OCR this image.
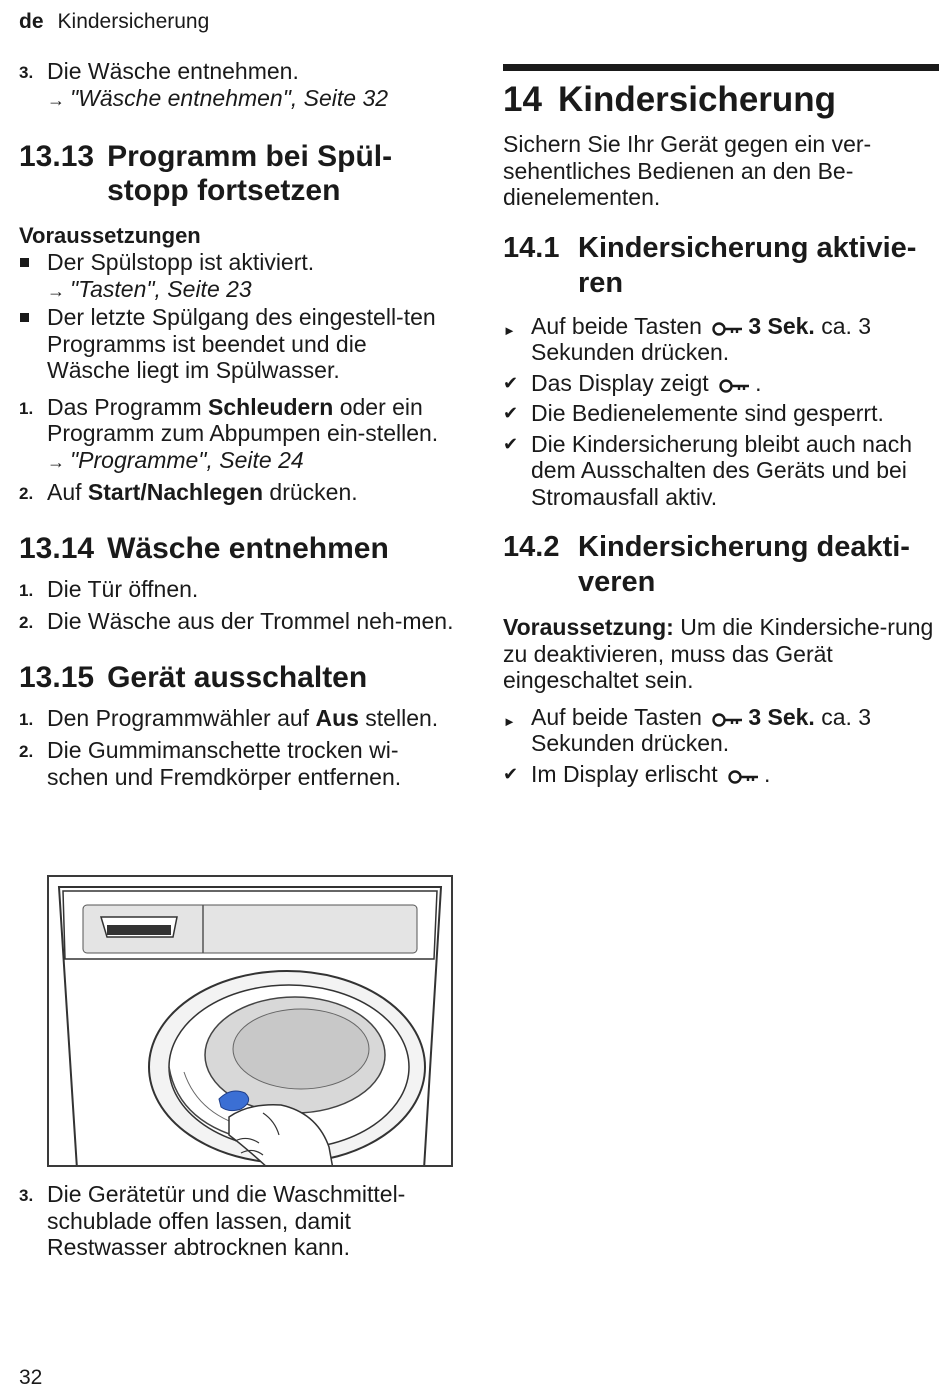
de Kindersicherung
3. Die Wäsche entnehmen.
→ "Wäsche entnehmen", Seite 32
13.13 Programm bei Spül-
stopp fortsetzen
Voraussetzungen
Der Spülstopp ist aktiviert.
→ "Tasten", Seite 23
Der letzte Spülgang des eingestell-ten Programms ist beendet und die Wäsche liegt im Spülwasser.
1. Das Programm Schleudern oder ein Programm zum Abpumpen ein-stellen.
→ "Programme", Seite 24
2. Auf Start/Nachlegen drücken.
13.14 Wäsche entnehmen
1. Die Tür öffnen.
2. Die Wäsche aus der Trommel neh-men.
13.15 Gerät ausschalten
1. Den Programmwähler auf Aus stellen.
2. Die Gummimanschette trocken wi-schen und Fremdkörper entfernen.
3. Die Gerätetür und die Waschmittel-schublade offen lassen, damit Restwasser abtrocknen kann.
14 Kindersicherung

Sichern Sie Ihr Gerät gegen ein ver-sehentliches Bedienen an den Be-dienelementen.

14.1 Kindersicherung aktivie-ren
► Auf beide Tasten 3 Sek. ca. 3 Sekunden drücken.
✔ Das Display zeigt .
✔ Die Bedienelemente sind gesperrt.
✔ Die Kindersicherung bleibt auch nach dem Ausschalten des Geräts und bei Stromausfall aktiv.
14.2 Kindersicherung deakti-veren

Voraussetzung: Um die Kindersiche-rung zu deaktivieren, muss das Gerät eingeschaltet sein.

► Auf beide Tasten 3 Sek. ca. 3 Sekunden drücken.
✔ Im Display erlischt .
32
